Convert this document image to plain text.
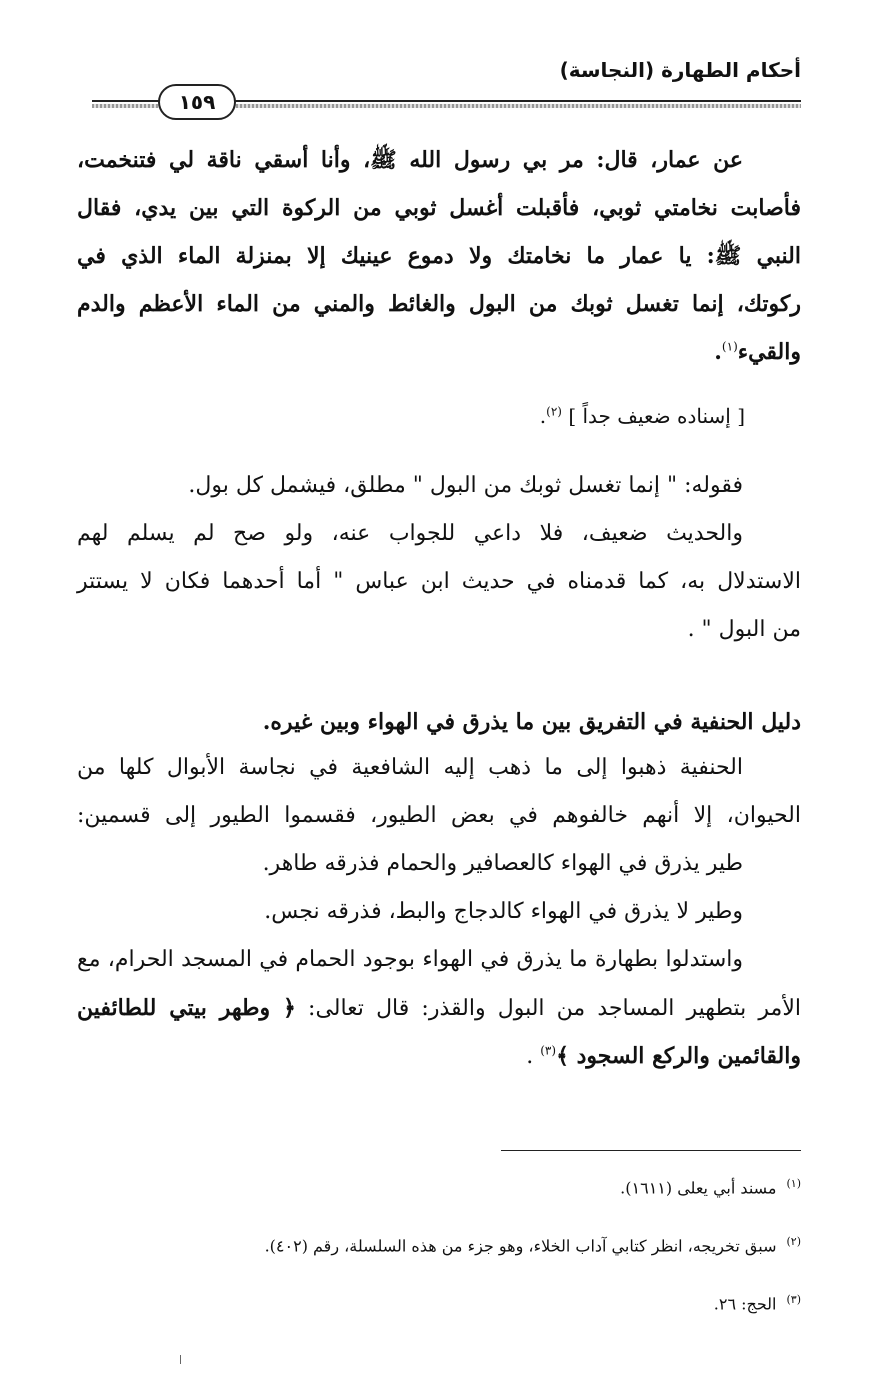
أحكام الطهارة (النجاسة)
١٥٩
عن عمار، قال: مر بي رسول الله ﷺ، وأنا أسقي ناقة لي فتنخمت،
فأصابت نخامتي ثوبي، فأقبلت أغسل ثوبي من الركوة التي بين يدي، فقال
النبي ﷺ: يا عمار ما نخامتك ولا دموع عينيك إلا بمنزلة الماء الذي في
ركوتك، إنما تغسل ثوبك من البول والغائط والمني من الماء الأعظم والدم
والقيء$^{(١)}$.
[ إسناده ضعيف جداً ] $^{(٢)}$.
فقوله: " إنما تغسل ثوبك من البول " مطلق، فيشمل كل بول.
والحديث ضعيف، فلا داعي للجواب عنه، ولو صح لم يسلم لهم
الاستدلال به، كما قدمناه في حديث ابن عباس " أما أحدهما فكان لا يستتر
من البول " .
دليل الحنفية في التفريق بين ما يذرق في الهواء وبين غيره.
الحنفية ذهبوا إلى ما ذهب إليه الشافعية في نجاسة الأبوال كلها من
الحيوان، إلا أنهم خالفوهم في بعض الطيور، فقسموا الطيور إلى قسمين:
طير يذرق في الهواء كالعصافير والحمام فذرقه طاهر.
وطير لا يذرق في الهواء كالدجاج والبط، فذرقه نجس.
واستدلوا بطهارة ما يذرق في الهواء بوجود الحمام في المسجد الحرام، مع
الأمر بتطهير المساجد من البول والقذر: قال تعالى: ﴿ وطهر بيتي للطائفين
والقائمين والركع السجود ﴾$^{(٣)}$ .
$^{(١)}$مسند أبي يعلى (١٦١١).
$^{(٢)}$سبق تخريجه، انظر كتابي آداب الخلاء، وهو جزء من هذه السلسلة، رقم (٤٠٢).
$^{(٣)}$الحج: ٢٦.
